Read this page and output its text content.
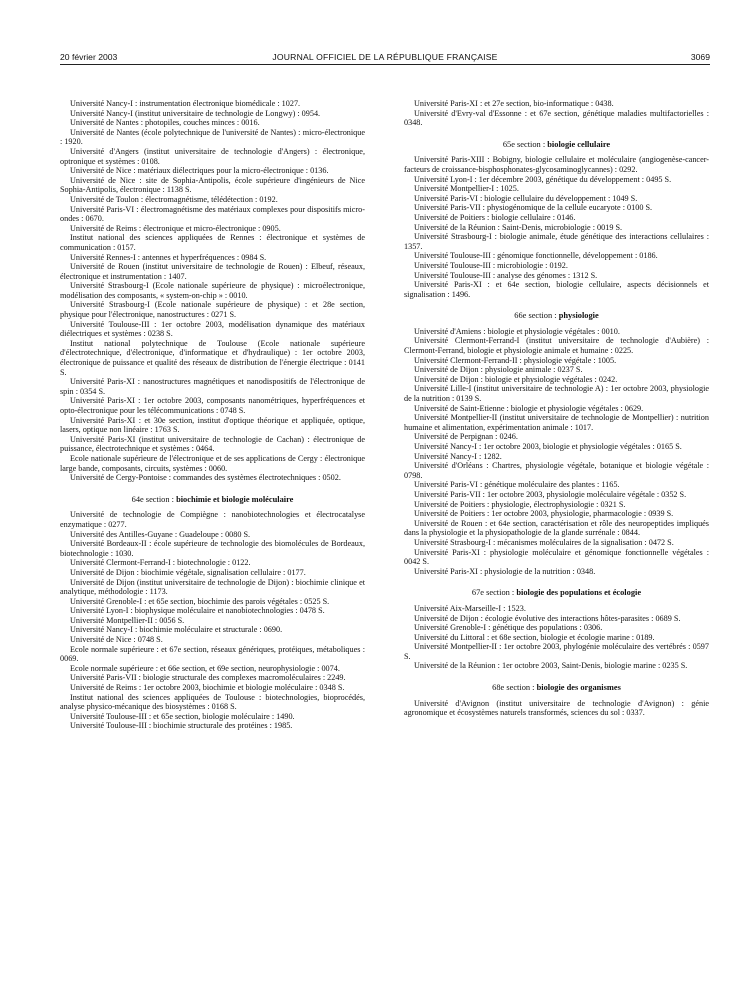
20 février 2003	JOURNAL OFFICIEL DE LA RÉPUBLIQUE FRANÇAISE	3069

Université Nancy-I : instrumentation électronique biomédicale : 1027.

Université Nancy-I (institut universitaire de technologie de Longwy) : 0954.

Université de Nantes : photopiles, couches minces : 0016.

Université de Nantes (école polytechnique de l'université de Nantes) : micro-électronique : 1920.

Université d'Angers (institut universitaire de technologie d'Angers) : électronique, optronique et systèmes : 0108.

Université de Nice : matériaux diélectriques pour la micro-électronique : 0136.

Université de Nice : site de Sophia-Antipolis, école supérieure d'ingénieurs de Nice Sophia-Antipolis, électronique : 1138 S.

Université de Toulon : électromagnétisme, télédétection : 0192.

Université Paris-VI : électromagnétisme des matériaux complexes pour dispositifs micro-ondes : 0670.

Université de Reims : électronique et micro-électronique : 0905.

Institut national des sciences appliquées de Rennes : électronique et systèmes de communication : 0157.

Université Rennes-I : antennes et hyperfréquences : 0984 S.

Université de Rouen (institut universitaire de technologie de Rouen) : Elbeuf, réseaux, électronique et instrumentation : 1407.

Université Strasbourg-I (Ecole nationale supérieure de physique) : microélectronique, modélisation des composants, « system-on-chip » : 0010.

Université Strasbourg-I (Ecole nationale supérieure de physique) : et 28e section, physique pour l'électronique, nanostructures : 0271 S.

Université Toulouse-III : 1er octobre 2003, modélisation dynamique des matériaux diélectriques et systèmes : 0238 S.

Institut national polytechnique de Toulouse (Ecole nationale supérieure d'électrotechnique, d'électronique, d'informatique et d'hydraulique) : 1er octobre 2003, électronique de puissance et qualité des réseaux de distribution de l'énergie électrique : 0141 S.

Université Paris-XI : nanostructures magnétiques et nanodispositifs de l'électronique de spin : 0354 S.

Université Paris-XI : 1er octobre 2003, composants nanométriques, hyperfréquences et opto-électronique pour les télécommunications : 0748 S.

Université Paris-XI : et 30e section, institut d'optique théorique et appliquée, optique, lasers, optique non linéaire : 1763 S.

Université Paris-XI (institut universitaire de technologie de Cachan) : électronique de puissance, électrotechnique et systèmes : 0464.

Ecole nationale supérieure de l'électronique et de ses applications de Cergy : électronique large bande, composants, circuits, systèmes : 0060.

Université de Cergy-Pontoise : commandes des systèmes électrotechniques : 0502.

64e section : biochimie et biologie moléculaire

Université de technologie de Compiègne : nanobiotechnologies et électrocatalyse enzymatique : 0277.

Université des Antilles-Guyane : Guadeloupe : 0080 S.

Université Bordeaux-II : école supérieure de technologie des biomolécules de Bordeaux, biotechnologie : 1030.

Université Clermont-Ferrand-I : biotechnologie : 0122.

Université de Dijon : biochimie végétale, signalisation cellulaire : 0177.

Université de Dijon (institut universitaire de technologie de Dijon) : biochimie clinique et analytique, méthodologie : 1173.

Université Grenoble-I : et 65e section, biochimie des parois végétales : 0525 S.

Université Lyon-I : biophysique moléculaire et nanobiotechnologies : 0478 S.

Université Montpellier-II : 0056 S.

Université Nancy-I : biochimie moléculaire et structurale : 0690.

Université de Nice : 0748 S.

Ecole normale supérieure : et 67e section, réseaux génériques, protéiques, métaboliques : 0069.

Ecole normale supérieure : et 66e section, et 69e section, neurophysiologie : 0074.

Université Paris-VII : biologie structurale des complexes macromoléculaires : 2249.

Université de Reims : 1er octobre 2003, biochimie et biologie moléculaire : 0348 S.

Institut national des sciences appliquées de Toulouse : biotechnologies, bioprocédés, analyse physico-mécanique des biosystèmes : 0168 S.

Université Toulouse-III : et 65e section, biologie moléculaire : 1490.

Université Toulouse-III : biochimie structurale des protéines : 1985.

Université Paris-XI : et 27e section, bio-informatique : 0438.

Université d'Evry-val d'Essonne : et 67e section, génétique maladies multifactorielles : 0348.

65e section : biologie cellulaire

Université Paris-XIII : Bobigny, biologie cellulaire et moléculaire (angiogenèse-cancer-facteurs de croissance-bisphosphonates-glycosaminoglycannes) : 0292.

Université Lyon-I : 1er décembre 2003, génétique du développement : 0495 S.

Université Montpellier-I : 1025.

Université Paris-VI : biologie cellulaire du développement : 1049 S.

Université Paris-VII : physiogénomique de la cellule eucaryote : 0100 S.

Université de Poitiers : biologie cellulaire : 0146.

Université de la Réunion : Saint-Denis, microbiologie : 0019 S.

Université Strasbourg-I : biologie animale, étude génétique des interactions cellulaires : 1357.

Université Toulouse-III : génomique fonctionnelle, développement : 0186.

Université Toulouse-III : microbiologie : 0192.

Université Toulouse-III : analyse des génomes : 1312 S.

Université Paris-XI : et 64e section, biologie cellulaire, aspects décisionnels et signalisation : 1496.

66e section : physiologie

Université d'Amiens : biologie et physiologie végétales : 0010.

Université Clermont-Ferrand-I (institut universitaire de technologie d'Aubière) : Clermont-Ferrand, biologie et physiologie animale et humaine : 0225.

Université Clermont-Ferrand-II : physiologie végétale : 1005.

Université de Dijon : physiologie animale : 0237 S.

Université de Dijon : biologie et physiologie végétales : 0242.

Université Lille-I (institut universitaire de technologie A) : 1er octobre 2003, physiologie de la nutrition : 0139 S.

Université de Saint-Etienne : biologie et physiologie végétales : 0629.

Université Montpellier-II (institut universitaire de technologie de Montpellier) : nutrition humaine et alimentation, expérimentation animale : 1017.

Université de Perpignan : 0246.

Université Nancy-I : 1er octobre 2003, biologie et physiologie végétales : 0165 S.

Université Nancy-I : 1282.

Université d'Orléans : Chartres, physiologie végétale, botanique et biologie végétale : 0798.

Université Paris-VI : génétique moléculaire des plantes : 1165.

Université Paris-VII : 1er octobre 2003, physiologie moléculaire végétale : 0352 S.

Université de Poitiers : physiologie, électrophysiologie : 0321 S.

Université de Poitiers : 1er octobre 2003, physiologie, pharmacologie : 0939 S.

Université de Rouen : et 64e section, caractérisation et rôle des neuropeptides impliqués dans la physiologie et la physiopathologie de la glande surrénale : 0844.

Université Strasbourg-I : mécanismes moléculaires de la signalisation : 0472 S.

Université Paris-XI : physiologie moléculaire et génomique fonctionnelle végétales : 0042 S.

Université Paris-XI : physiologie de la nutrition : 0348.

67e section : biologie des populations et écologie

Université Aix-Marseille-I : 1523.

Université de Dijon : écologie évolutive des interactions hôtes-parasites : 0689 S.

Université Grenoble-I : génétique des populations : 0306.

Université du Littoral : et 68e section, biologie et écologie marine : 0189.

Université Montpellier-II : 1er octobre 2003, phylogénie moléculaire des vertébrés : 0597 S.

Université de la Réunion : 1er octobre 2003, Saint-Denis, biologie marine : 0235 S.

68e section : biologie des organismes

Université d'Avignon (institut universitaire de technologie d'Avignon) : génie agronomique et écosystèmes naturels transformés, sciences du sol : 0337.
